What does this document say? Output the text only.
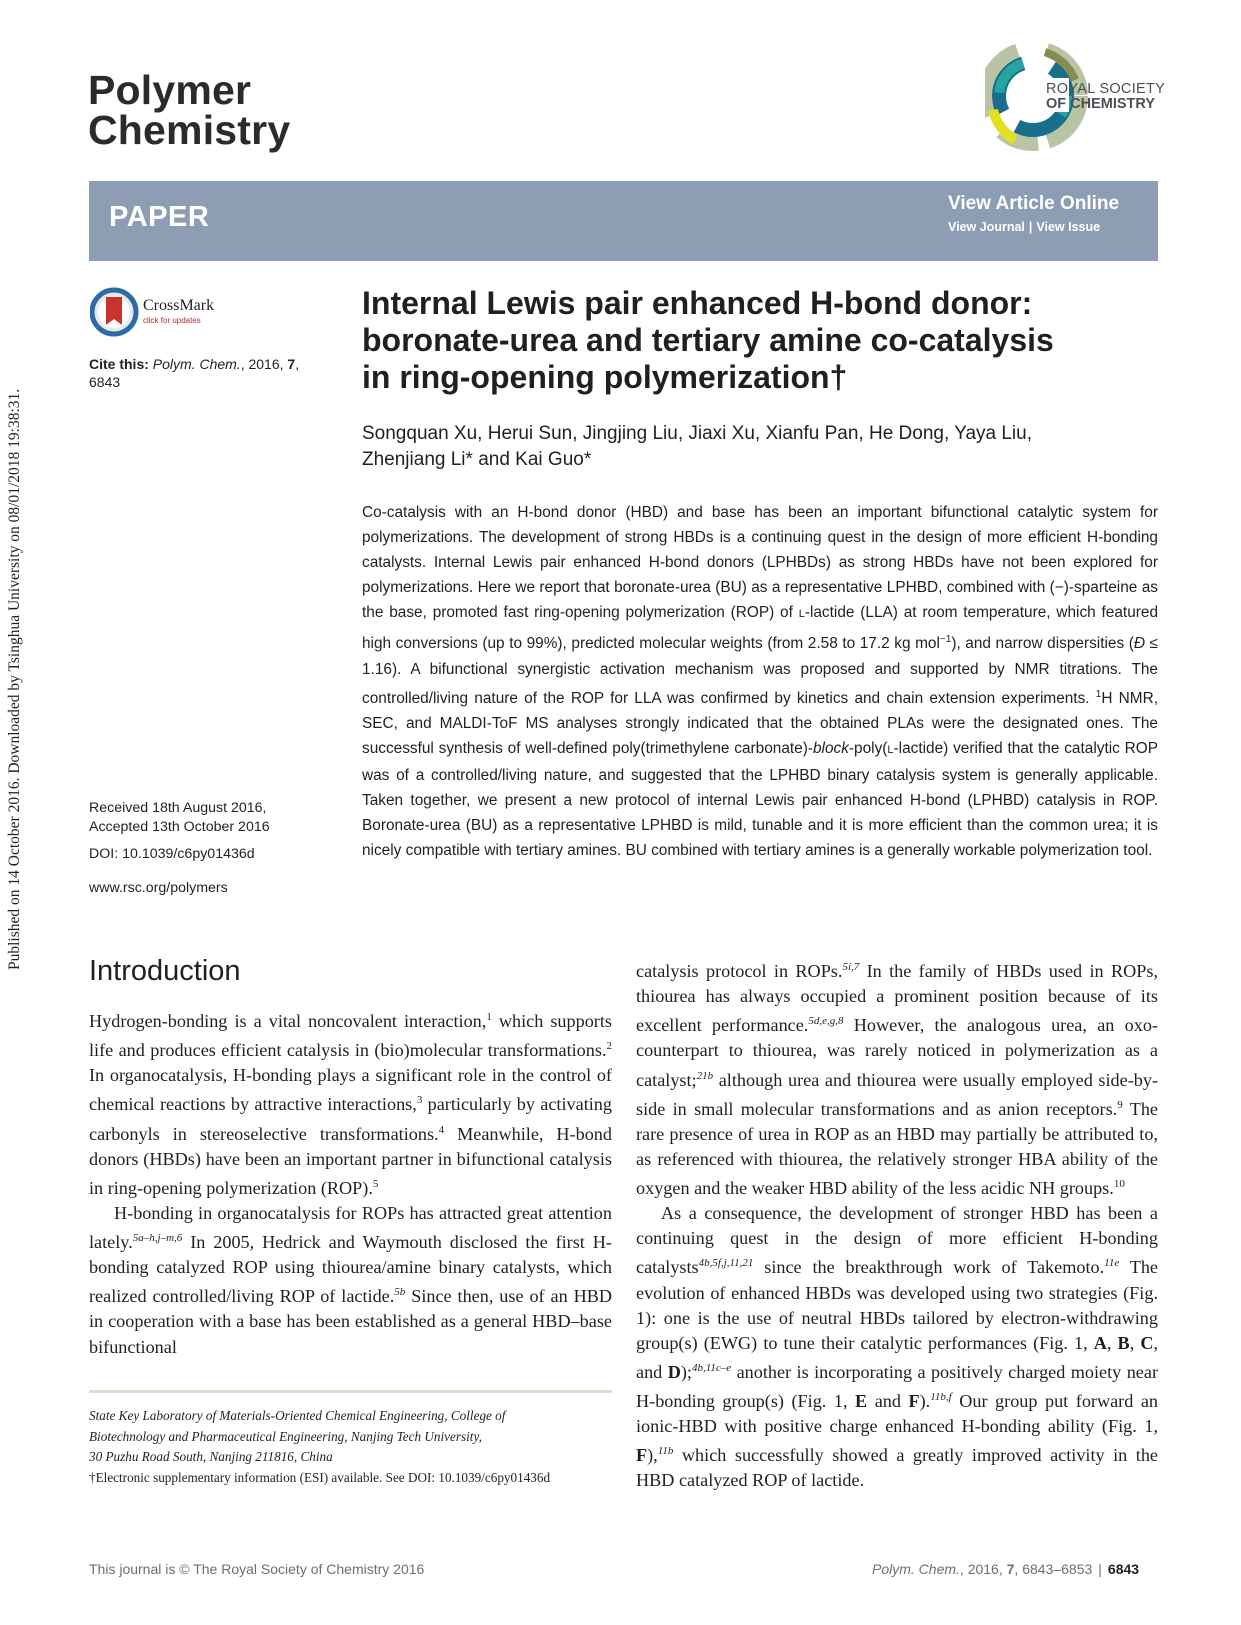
Published on 14 October 2016. Downloaded by Tsinghua University on 08/01/2018 19:38:31.
Polymer
Chemistry
ROYAL SOCIETY
OF CHEMISTRY
PAPER	View Article Online
View Journal | View Issue
CrossMark
click for updates
Cite this: Polym. Chem., 2016, 7,
6843
Internal Lewis pair enhanced H-bond donor:
boronate-urea and tertiary amine co-catalysis
in ring-opening polymerization†
Songquan Xu, Herui Sun, Jingjing Liu, Jiaxi Xu, Xianfu Pan, He Dong, Yaya Liu,
Zhenjiang Li* and Kai Guo*
Co-catalysis with an H-bond donor (HBD) and base has been an important bifunctional catalytic system for polymerizations. The development of strong HBDs is a continuing quest in the design of more efficient H-bonding catalysts. Internal Lewis pair enhanced H-bond donors (LPHBDs) as strong HBDs have not been explored for polymerizations. Here we report that boronate-urea (BU) as a representative LPHBD, combined with (−)-sparteine as the base, promoted fast ring-opening polymerization (ROP) of L-lactide (LLA) at room temperature, which featured high conversions (up to 99%), predicted molecular weights (from 2.58 to 17.2 kg mol$^{-1}$), and narrow dispersities (Đ ≤ 1.16). A bifunctional synergistic activation mechanism was proposed and supported by NMR titrations. The controlled/living nature of the ROP for LLA was confirmed by kinetics and chain extension experiments. $^1$H NMR, SEC, and MALDI-ToF MS analyses strongly indicated that the obtained PLAs were the designated ones. The successful synthesis of well-defined poly(trimethylene carbonate)-block-poly(L-lactide) verified that the catalytic ROP was of a controlled/living nature, and suggested that the LPHBD binary catalysis system is generally applicable. Taken together, we present a new protocol of internal Lewis pair enhanced H-bond (LPHBD) catalysis in ROP. Boronate-urea (BU) as a representative LPHBD is mild, tunable and it is more efficient than the common urea; it is nicely compatible with tertiary amines. BU combined with tertiary amines is a generally workable polymerization tool.
Received 18th August 2016,
Accepted 13th October 2016
DOI: 10.1039/c6py01436d
www.rsc.org/polymers
Introduction

Hydrogen-bonding is a vital noncovalent interaction,$^1$ which supports life and produces efficient catalysis in (bio)molecular transformations.$^2$ In organocatalysis, H-bonding plays a significant role in the control of chemical reactions by attractive interactions,$^3$ particularly by activating carbonyls in stereoselective transformations.$^4$ Meanwhile, H-bond donors (HBDs) have been an important partner in bifunctional catalysis in ring-opening polymerization (ROP).$^5$

H-bonding in organocatalysis for ROPs has attracted great attention lately.$^{5a-h,j-m,6}$ In 2005, Hedrick and Waymouth disclosed the first H-bonding catalyzed ROP using thiourea/amine binary catalysts, which realized controlled/living ROP of lactide.$^{5b}$ Since then, use of an HBD in cooperation with a base has been established as a general HBD–base bifunctional

catalysis protocol in ROPs.$^{5i,7}$ In the family of HBDs used in ROPs, thiourea has always occupied a prominent position because of its excellent performance.$^{5d,e,g,8}$ However, the analogous urea, an oxo-counterpart to thiourea, was rarely noticed in polymerization as a catalyst;$^{21b}$ although urea and thiourea were usually employed side-by-side in small molecular transformations and as anion receptors.$^9$ The rare presence of urea in ROP as an HBD may partially be attributed to, as referenced with thiourea, the relatively stronger HBA ability of the oxygen and the weaker HBD ability of the less acidic NH groups.$^{10}$

As a consequence, the development of stronger HBD has been a continuing quest in the design of more efficient H-bonding catalysts$^{4b,5f,j,11,21}$ since the breakthrough work of Takemoto.$^{11e}$ The evolution of enhanced HBDs was developed using two strategies (Fig. 1): one is the use of neutral HBDs tailored by electron-withdrawing group(s) (EWG) to tune their catalytic performances (Fig. 1, A, B, C, and D);$^{4b,11c-e}$ another is incorporating a positively charged moiety near H-bonding group(s) (Fig. 1, E and F).$^{11b,f}$ Our group put forward an ionic-HBD with positive charge enhanced H-bonding ability (Fig. 1, F),$^{11b}$ which successfully showed a greatly improved activity in the HBD catalyzed ROP of lactide.

State Key Laboratory of Materials-Oriented Chemical Engineering, College of
Biotechnology and Pharmaceutical Engineering, Nanjing Tech University,
30 Puzhu Road South, Nanjing 211816, China
†Electronic supplementary information (ESI) available. See DOI: 10.1039/c6py01436d
This journal is © The Royal Society of Chemistry 2016	Polym. Chem., 2016, 7, 6843–6853 | 6843
